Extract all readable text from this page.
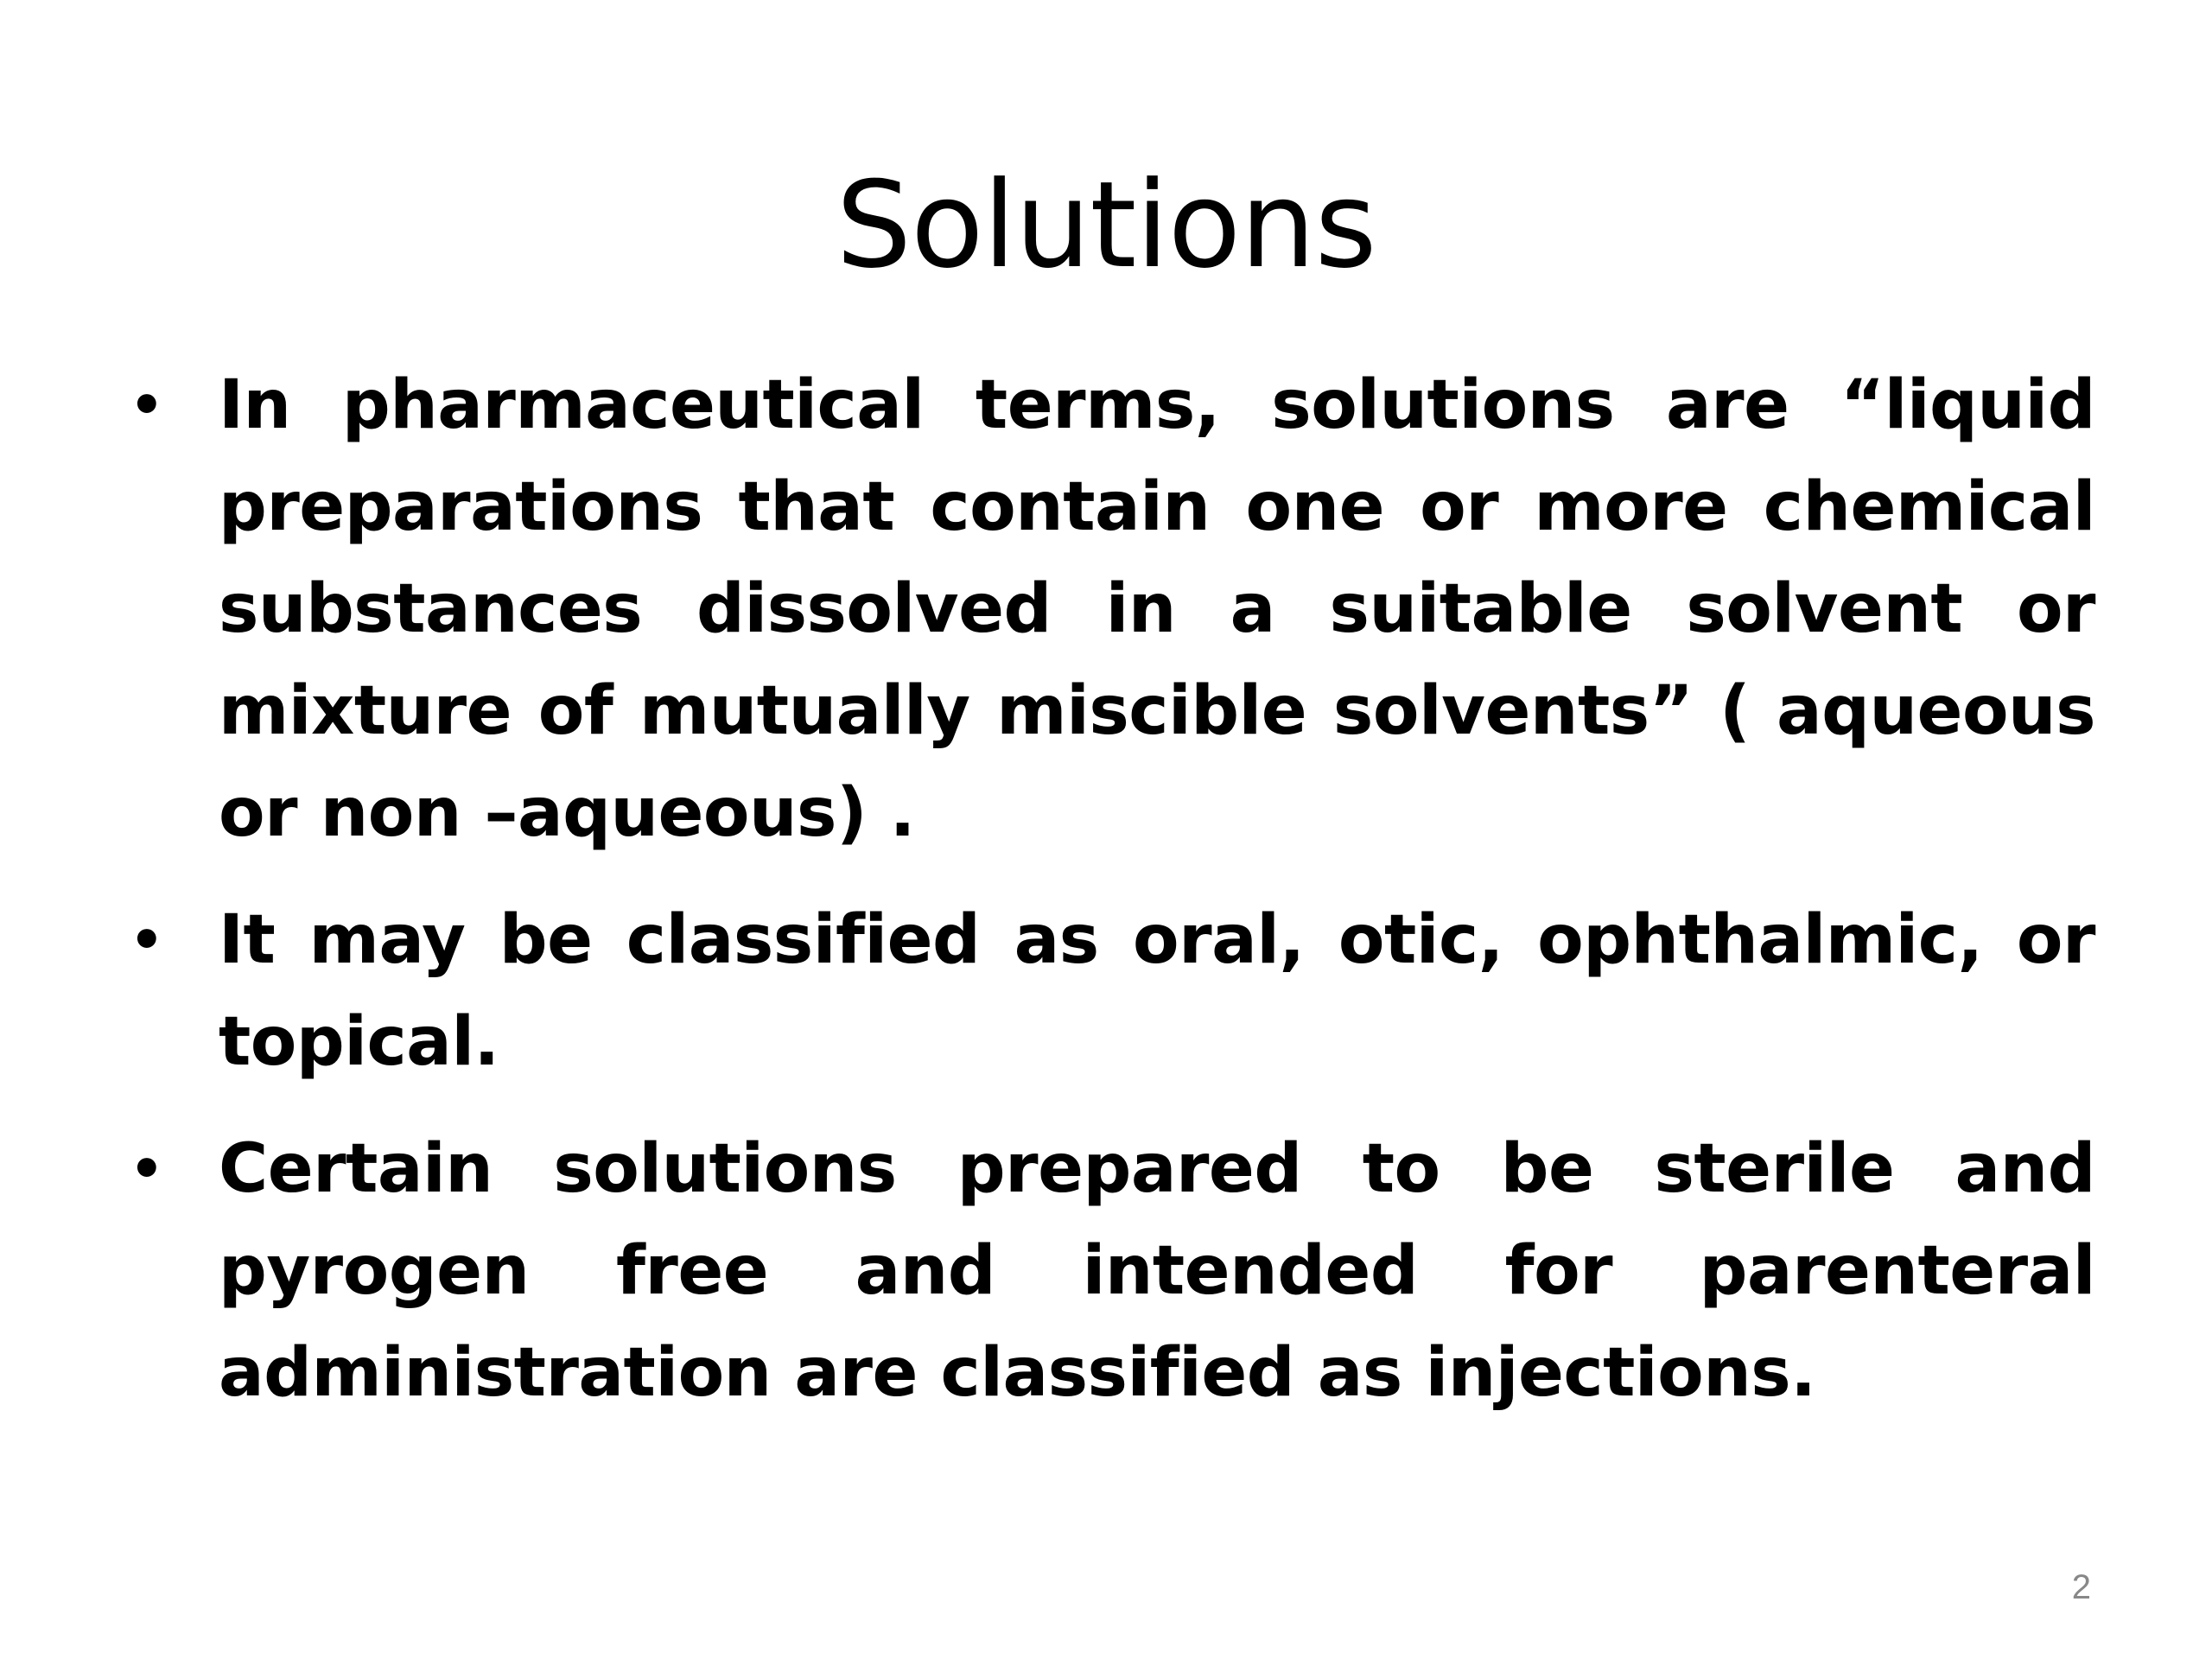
Solutions
• In pharmaceutical terms, solutions are “liquid preparations that contain one or more chemical substances dissolved in a suitable solvent or mixture of mutually miscible solvents” ( aqueous or non –aqueous) .
• It may be classified as oral, otic, ophthalmic, or topical.
• Certain solutions prepared to be sterile and pyrogen free and intended for parenteral administration are classified as injections.
2
